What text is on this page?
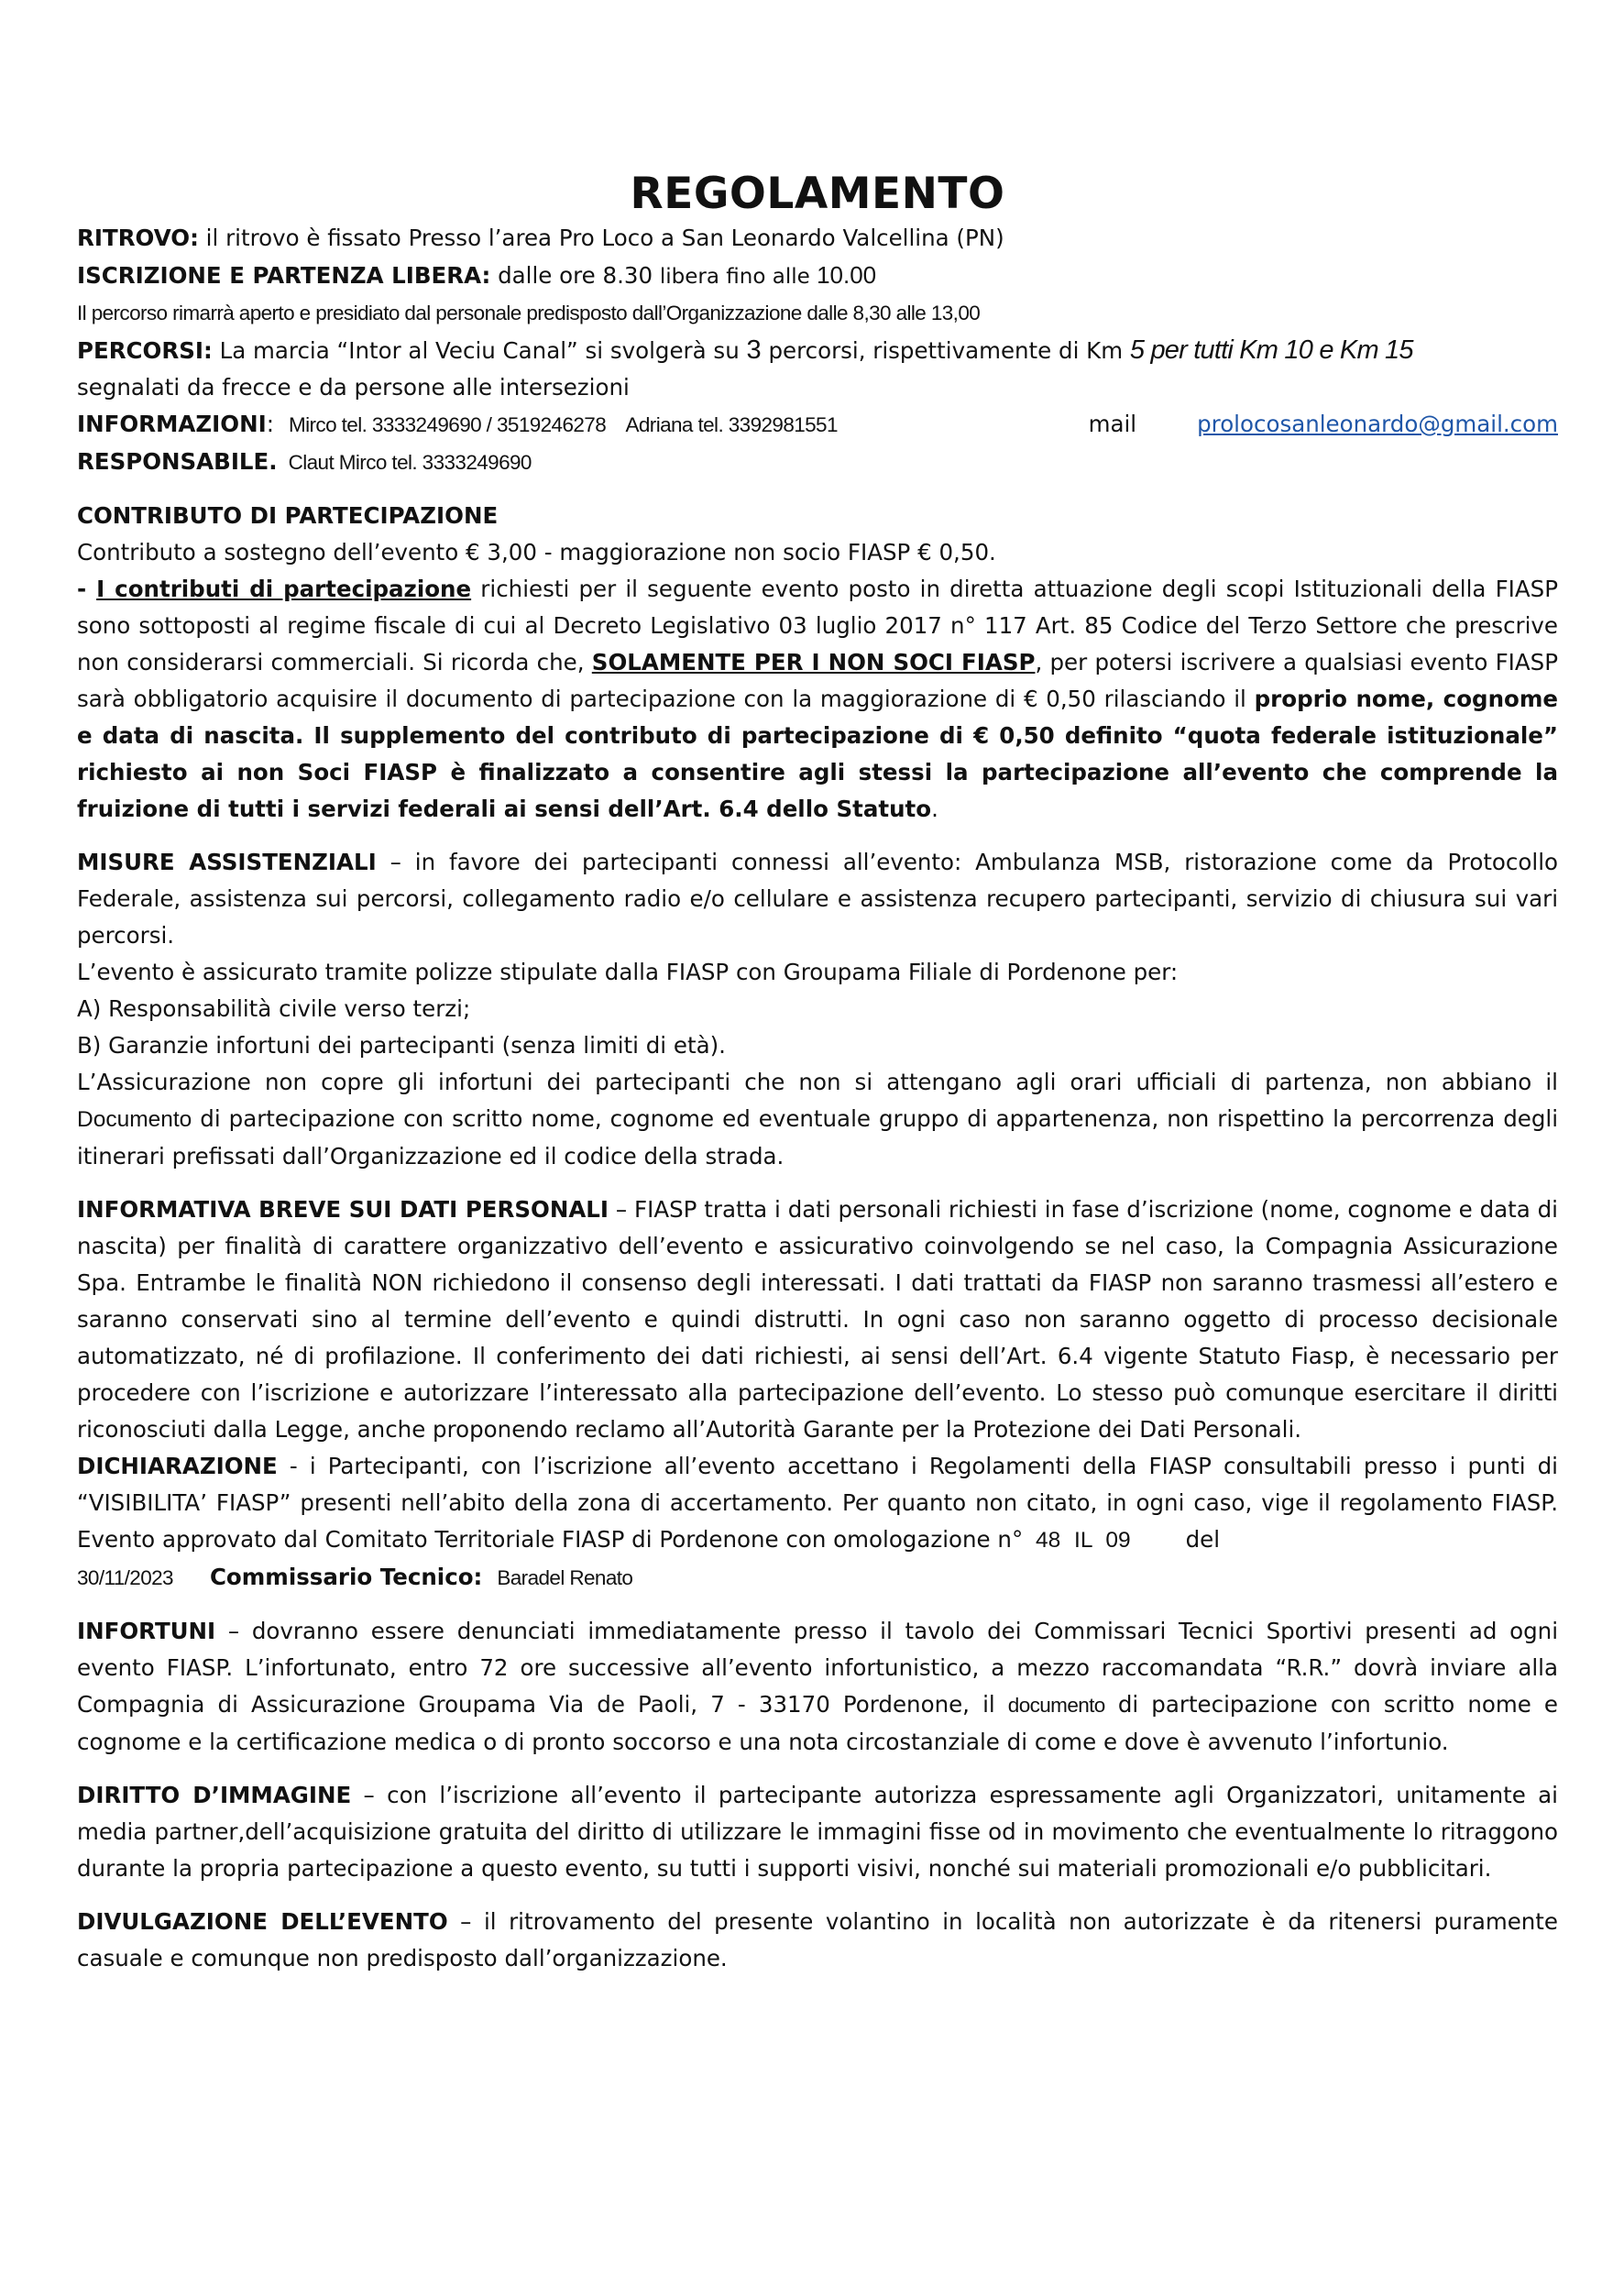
REGOLAMENTO
RITROVO: il ritrovo è fissato Presso l’area Pro Loco a San Leonardo Valcellina (PN)
ISCRIZIONE E PARTENZA LIBERA: dalle ore 8.30 libera fino alle 10.00
Il percorso rimarrà aperto e presidiato dal personale predisposto dall’Organizzazione dalle 8,30 alle 13,00
PERCORSI: La marcia “Intor al Veciu Canal” si svolgerà su 3 percorsi, rispettivamente di Km 5 per tutti Km 10 e Km 15
segnalati da frecce e da persone alle intersezioni
INFORMAZIONI : Mirco tel. 3333249690 / 3519246278    Adriana tel. 3392981551	mail	prolocosanleonardo@gmail.com
RESPONSABILE. Claut Mirco tel. 3333249690
CONTRIBUTO DI PARTECIPAZIONE
Contributo a sostegno dell’evento € 3,00 - maggiorazione non socio FIASP € 0,50.
- I contributi di partecipazione richiesti per il seguente evento posto in diretta attuazione degli scopi Istituzionali della FIASP sono sottoposti al regime fiscale di cui al Decreto Legislativo 03 luglio 2017 n° 117 Art. 85 Codice del Terzo Settore che prescrive non considerarsi commerciali. Si ricorda che, SOLAMENTE PER I NON SOCI FIASP, per potersi iscrivere a qualsiasi evento FIASP sarà obbligatorio acquisire il documento di partecipazione con la maggiorazione di € 0,50 rilasciando il proprio nome, cognome e data di nascita. Il supplemento del contributo di partecipazione di € 0,50 definito “quota federale istituzionale” richiesto ai non Soci FIASP è finalizzato a consentire agli stessi la partecipazione all’evento che comprende la fruizione di tutti i servizi federali ai sensi dell’Art. 6.4 dello Statuto.
MISURE ASSISTENZIALI – in favore dei partecipanti connessi all’evento: Ambulanza MSB, ristorazione come da Protocollo Federale, assistenza sui percorsi, collegamento radio e/o cellulare e assistenza recupero partecipanti, servizio di chiusura sui vari percorsi.
L’evento è assicurato tramite polizze stipulate dalla FIASP con Groupama Filiale di Pordenone per:
A) Responsabilità civile verso terzi;
B) Garanzie infortuni dei partecipanti (senza limiti di età).
L’Assicurazione non copre gli infortuni dei partecipanti che non si attengano agli orari ufficiali di partenza, non abbiano il Documento di partecipazione con scritto nome, cognome ed eventuale gruppo di appartenenza, non rispettino la percorrenza degli itinerari prefissati dall’Organizzazione ed il codice della strada.
INFORMATIVA BREVE SUI DATI PERSONALI – FIASP tratta i dati personali richiesti in fase d’iscrizione (nome, cognome e data di nascita) per finalità di carattere organizzativo dell’evento e assicurativo coinvolgendo se nel caso, la Compagnia Assicurazione Spa. Entrambe le finalità NON richiedono il consenso degli interessati. I dati trattati da FIASP non saranno trasmessi all’estero e saranno conservati sino al termine dell’evento e quindi distrutti. In ogni caso non saranno oggetto di processo decisionale automatizzato, né di profilazione. Il conferimento dei dati richiesti, ai sensi dell’Art. 6.4 vigente Statuto Fiasp, è necessario per procedere con l’iscrizione e autorizzare l’interessato alla partecipazione dell’evento. Lo stesso può comunque esercitare il diritti riconosciuti dalla Legge, anche proponendo reclamo all’Autorità Garante per la Protezione dei Dati Personali.
DICHIARAZIONE - i Partecipanti, con l’iscrizione all’evento accettano i Regolamenti della FIASP consultabili presso i punti di “VISIBILITA’ FIASP” presenti nell’abito della zona di accertamento. Per quanto non citato, in ogni caso, vige il regolamento FIASP. Evento approvato dal Comitato Territoriale FIASP di Pordenone con omologazione n° 48 IL 09 del
30/11/2023 Commissario Tecnico: Baradel Renato
INFORTUNI – dovranno essere denunciati immediatamente presso il tavolo dei Commissari Tecnici Sportivi presenti ad ogni evento FIASP. L’infortunato, entro 72 ore successive all’evento infortunistico, a mezzo raccomandata “R.R.” dovrà inviare alla Compagnia di Assicurazione Groupama Via de Paoli, 7 - 33170 Pordenone, il documento di partecipazione con scritto nome e cognome e la certificazione medica o di pronto soccorso e una nota circostanziale di come e dove è avvenuto l’infortunio.
DIRITTO D’IMMAGINE – con l’iscrizione all’evento il partecipante autorizza espressamente agli Organizzatori, unitamente ai media partner,dell’acquisizione gratuita del diritto di utilizzare le immagini fisse od in movimento che eventualmente lo ritraggono durante la propria partecipazione a questo evento, su tutti i supporti visivi, nonché sui materiali promozionali e/o pubblicitari.
DIVULGAZIONE DELL’EVENTO – il ritrovamento del presente volantino in località non autorizzate è da ritenersi puramente casuale e comunque non predisposto dall’organizzazione.
